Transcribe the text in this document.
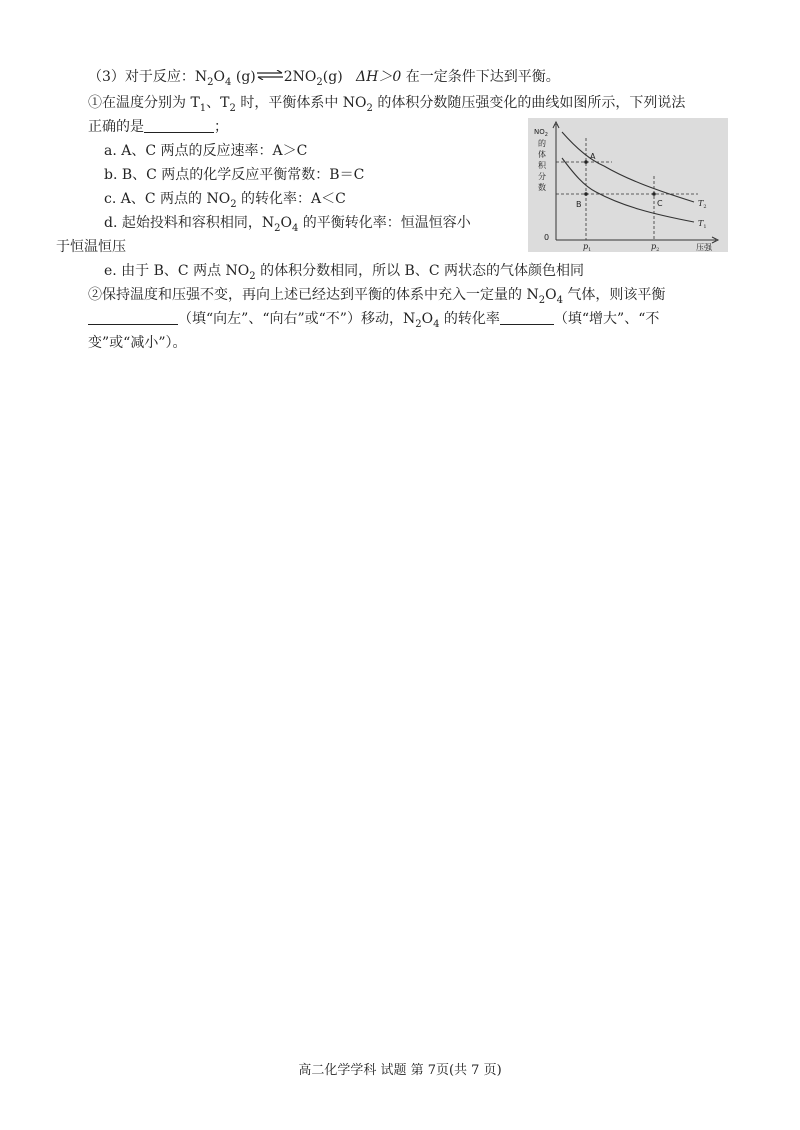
（3）对于反应：$N_2O_4$ $(g)\rightleftharpoons 2NO_2(g)$ ΔH＞0 在一定条件下达到平衡。
①在温度分别为 $T_1$、$T_2$ 时，平衡体系中 $NO_2$ 的体积分数随压强变化的曲线如图所示，下列说法
正确的是	；
a. A、C 两点的反应速率：A＞C
b. B、C 两点的化学反应平衡常数：B＝C
c. A、C 两点的 $NO_2$ 的转化率：A＜C
d. 起始投料和容积相同，$N_2O_4$ 的平衡转化率：恒温恒容小
于恒温恒压
e. 由于 B、C 两点 $NO_2$ 的体积分数相同，所以 B、C 两状态的气体颜色相同
②保持温度和压强不变，再向上述已经达到平衡的体系中充入一定量的 $N_2O_4$ 气体，则该平衡
（填“向左”、“向右”或“不”）移动，$N_2O_4$ 的转化率	（填“增大”、“不
变”或“减小”）。
A
B	C
$NO_2$
的
体
积
分
数
0
$p_1$	$p_2$	压强
$T_2$
$T_1$
高二化学学科 试题 第 7页(共 7 页)
